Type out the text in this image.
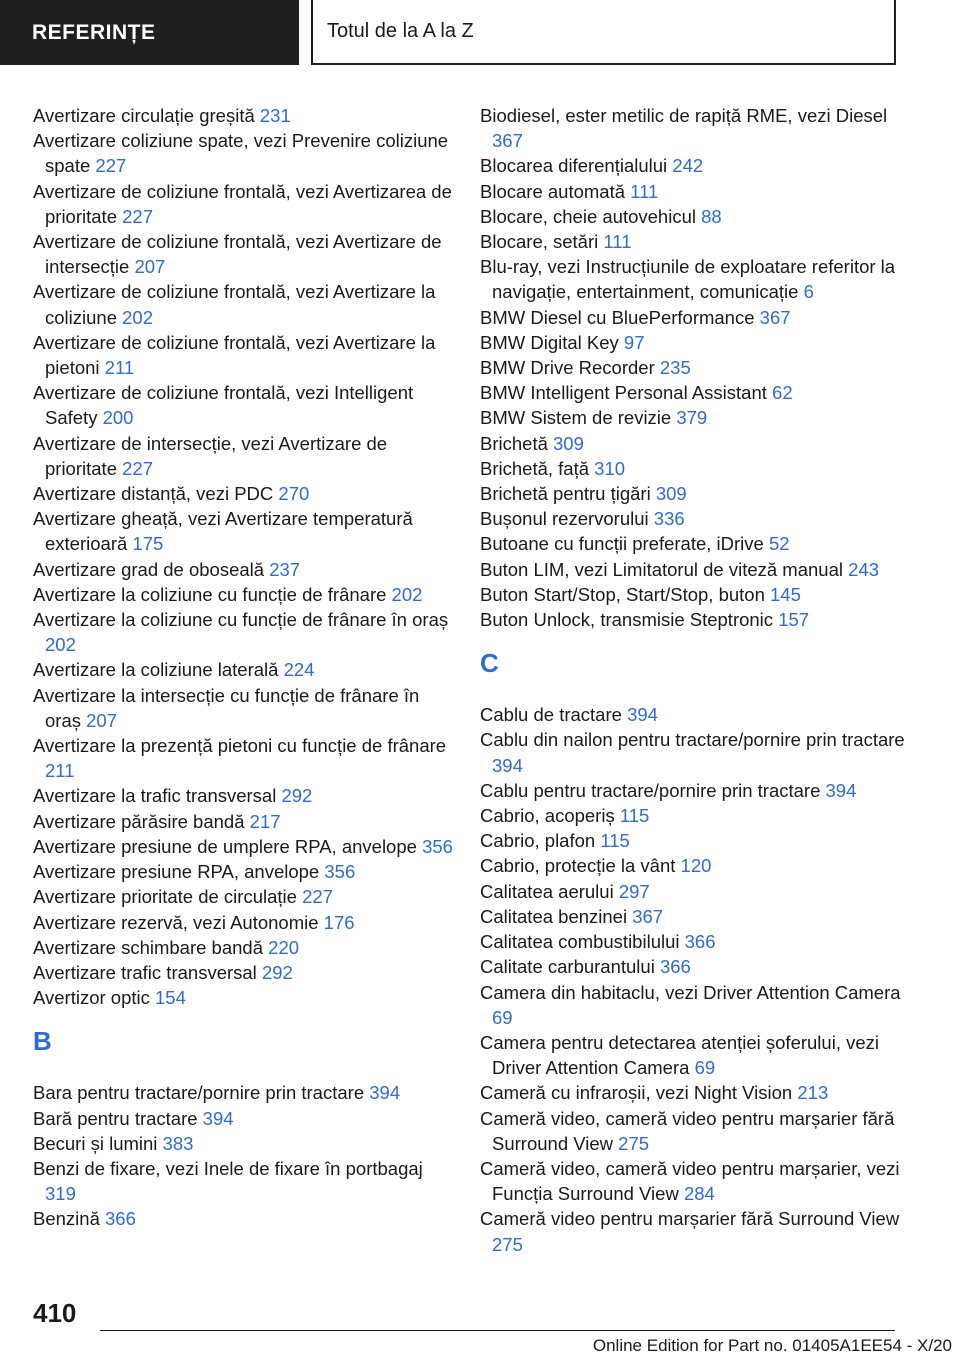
REFERINȚE	Totul de la A la Z
Avertizare circulație greșită 231
Avertizare coliziune spate, vezi Prevenire coliziune spate 227
Avertizare de coliziune frontală, vezi Avertizarea de prioritate 227
Avertizare de coliziune frontală, vezi Avertizare de intersecție 207
Avertizare de coliziune frontală, vezi Avertizare la coliziune 202
Avertizare de coliziune frontală, vezi Avertizare la pietoni 211
Avertizare de coliziune frontală, vezi Intelligent Safety 200
Avertizare de intersecție, vezi Avertizare de prioritate 227
Avertizare distanță, vezi PDC 270
Avertizare gheață, vezi Avertizare temperatură exterioară 175
Avertizare grad de oboseală 237
Avertizare la coliziune cu funcție de frânare 202
Avertizare la coliziune cu funcție de frânare în oraș 202
Avertizare la coliziune laterală 224
Avertizare la intersecție cu funcție de frânare în oraș 207
Avertizare la prezență pietoni cu funcție de frânare 211
Avertizare la trafic transversal 292
Avertizare părăsire bandă 217
Avertizare presiune de umplere RPA, anvelope 356
Avertizare presiune RPA, anvelope 356
Avertizare prioritate de circulație 227
Avertizare rezervă, vezi Autonomie 176
Avertizare schimbare bandă 220
Avertizare trafic transversal 292
Avertizor optic 154
B
Bara pentru tractare/pornire prin tractare 394
Bară pentru tractare 394
Becuri și lumini 383
Benzi de fixare, vezi Inele de fixare în portbagaj 319
Benzină 366
Biodiesel, ester metilic de rapiță RME, vezi Diesel 367
Blocarea diferențialului 242
Blocare automată 111
Blocare, cheie autovehicul 88
Blocare, setări 111
Blu-ray, vezi Instrucțiunile de exploatare referitor la navigație, entertainment, comunicație 6
BMW Diesel cu BluePerformance 367
BMW Digital Key 97
BMW Drive Recorder 235
BMW Intelligent Personal Assistant 62
BMW Sistem de revizie 379
Brichetă 309
Brichetă, față 310
Brichetă pentru țigări 309
Bușonul rezervorului 336
Butoane cu funcții preferate, iDrive 52
Buton LIM, vezi Limitatorul de viteză manual 243
Buton Start/Stop, Start/Stop, buton 145
Buton Unlock, transmisie Steptronic 157
C
Cablu de tractare 394
Cablu din nailon pentru tractare/pornire prin tractare 394
Cablu pentru tractare/pornire prin tractare 394
Cabrio, acoperiș 115
Cabrio, plafon 115
Cabrio, protecție la vânt 120
Calitatea aerului 297
Calitatea benzinei 367
Calitatea combustibilului 366
Calitate carburantului 366
Camera din habitaclu, vezi Driver Attention Camera 69
Camera pentru detectarea atenției șoferului, vezi Driver Attention Camera 69
Cameră cu infraroșii, vezi Night Vision 213
Cameră video, cameră video pentru marșarier fără Surround View 275
Cameră video, cameră video pentru marșarier, vezi Funcția Surround View 284
Cameră video pentru marșarier fără Surround View 275
410
Online Edition for Part no. 01405A1EE54 - X/20
